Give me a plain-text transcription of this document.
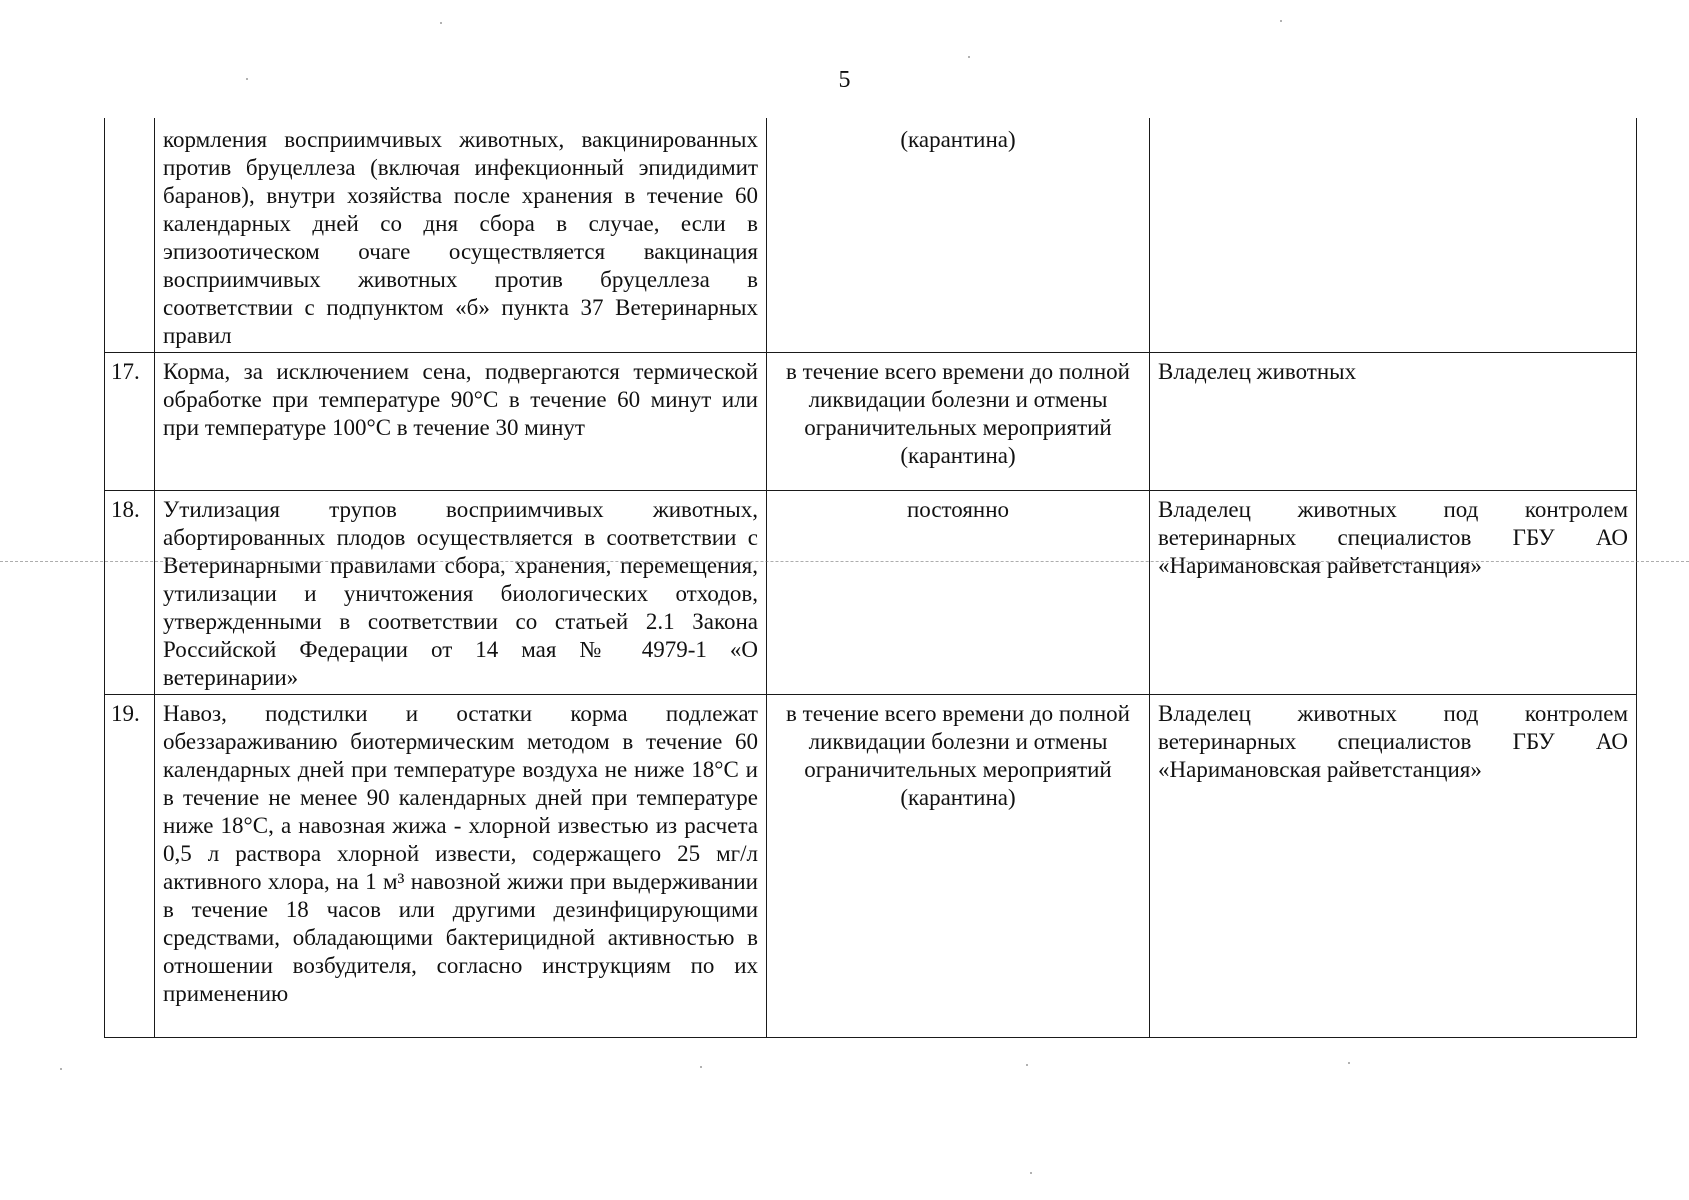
5
	кормления восприимчивых животных, вакцинированных против бруцеллеза (включая инфекционный эпидидимит баранов), внутри хозяйства после хранения в течение 60 календарных дней со дня сбора в случае, если в эпизоотическом очаге осуществляется вакцинация восприимчивых животных против бруцеллеза в соответствии с подпунктом «б» пункта 37 Ветеринарных правил	(карантина)	
17.	Корма, за исключением сена, подвергаются термической обработке при температуре 90°С в течение 60 минут или при температуре 100°С в течение 30 минут	в течение всего времени до полной ликвидации болезни и отмены ограничительных мероприятий (карантина)	Владелец животных
18.	Утилизация трупов восприимчивых животных, абортированных плодов осуществляется в соответствии с Ветеринарными правилами сбора, хранения, перемещения, утилизации и уничтожения биологических отходов, утвержденными в соответствии со статьей 2.1 Закона Российской Федерации от 14 мая № 4979-1 «О ветеринарии»	постоянно	Владелец животных под контролем ветеринарных специалистов ГБУ АО «Наримановская райветстанция»
19.	Навоз, подстилки и остатки корма подлежат обеззараживанию биотермическим методом в течение 60 календарных дней при температуре воздуха не ниже 18°С и в течение не менее 90 календарных дней при температуре ниже 18°С, а навозная жижа - хлорной известью из расчета 0,5 л раствора хлорной извести, содержащего 25 мг/л активного хлора, на 1 м³ навозной жижи при выдерживании в течение 18 часов или другими дезинфицирующими средствами, обладающими бактерицидной активностью в отношении возбудителя, согласно инструкциям по их применению	в течение всего времени до полной ликвидации болезни и отмены ограничительных мероприятий (карантина)	Владелец животных под контролем ветеринарных специалистов ГБУ АО «Наримановская райветстанция»
